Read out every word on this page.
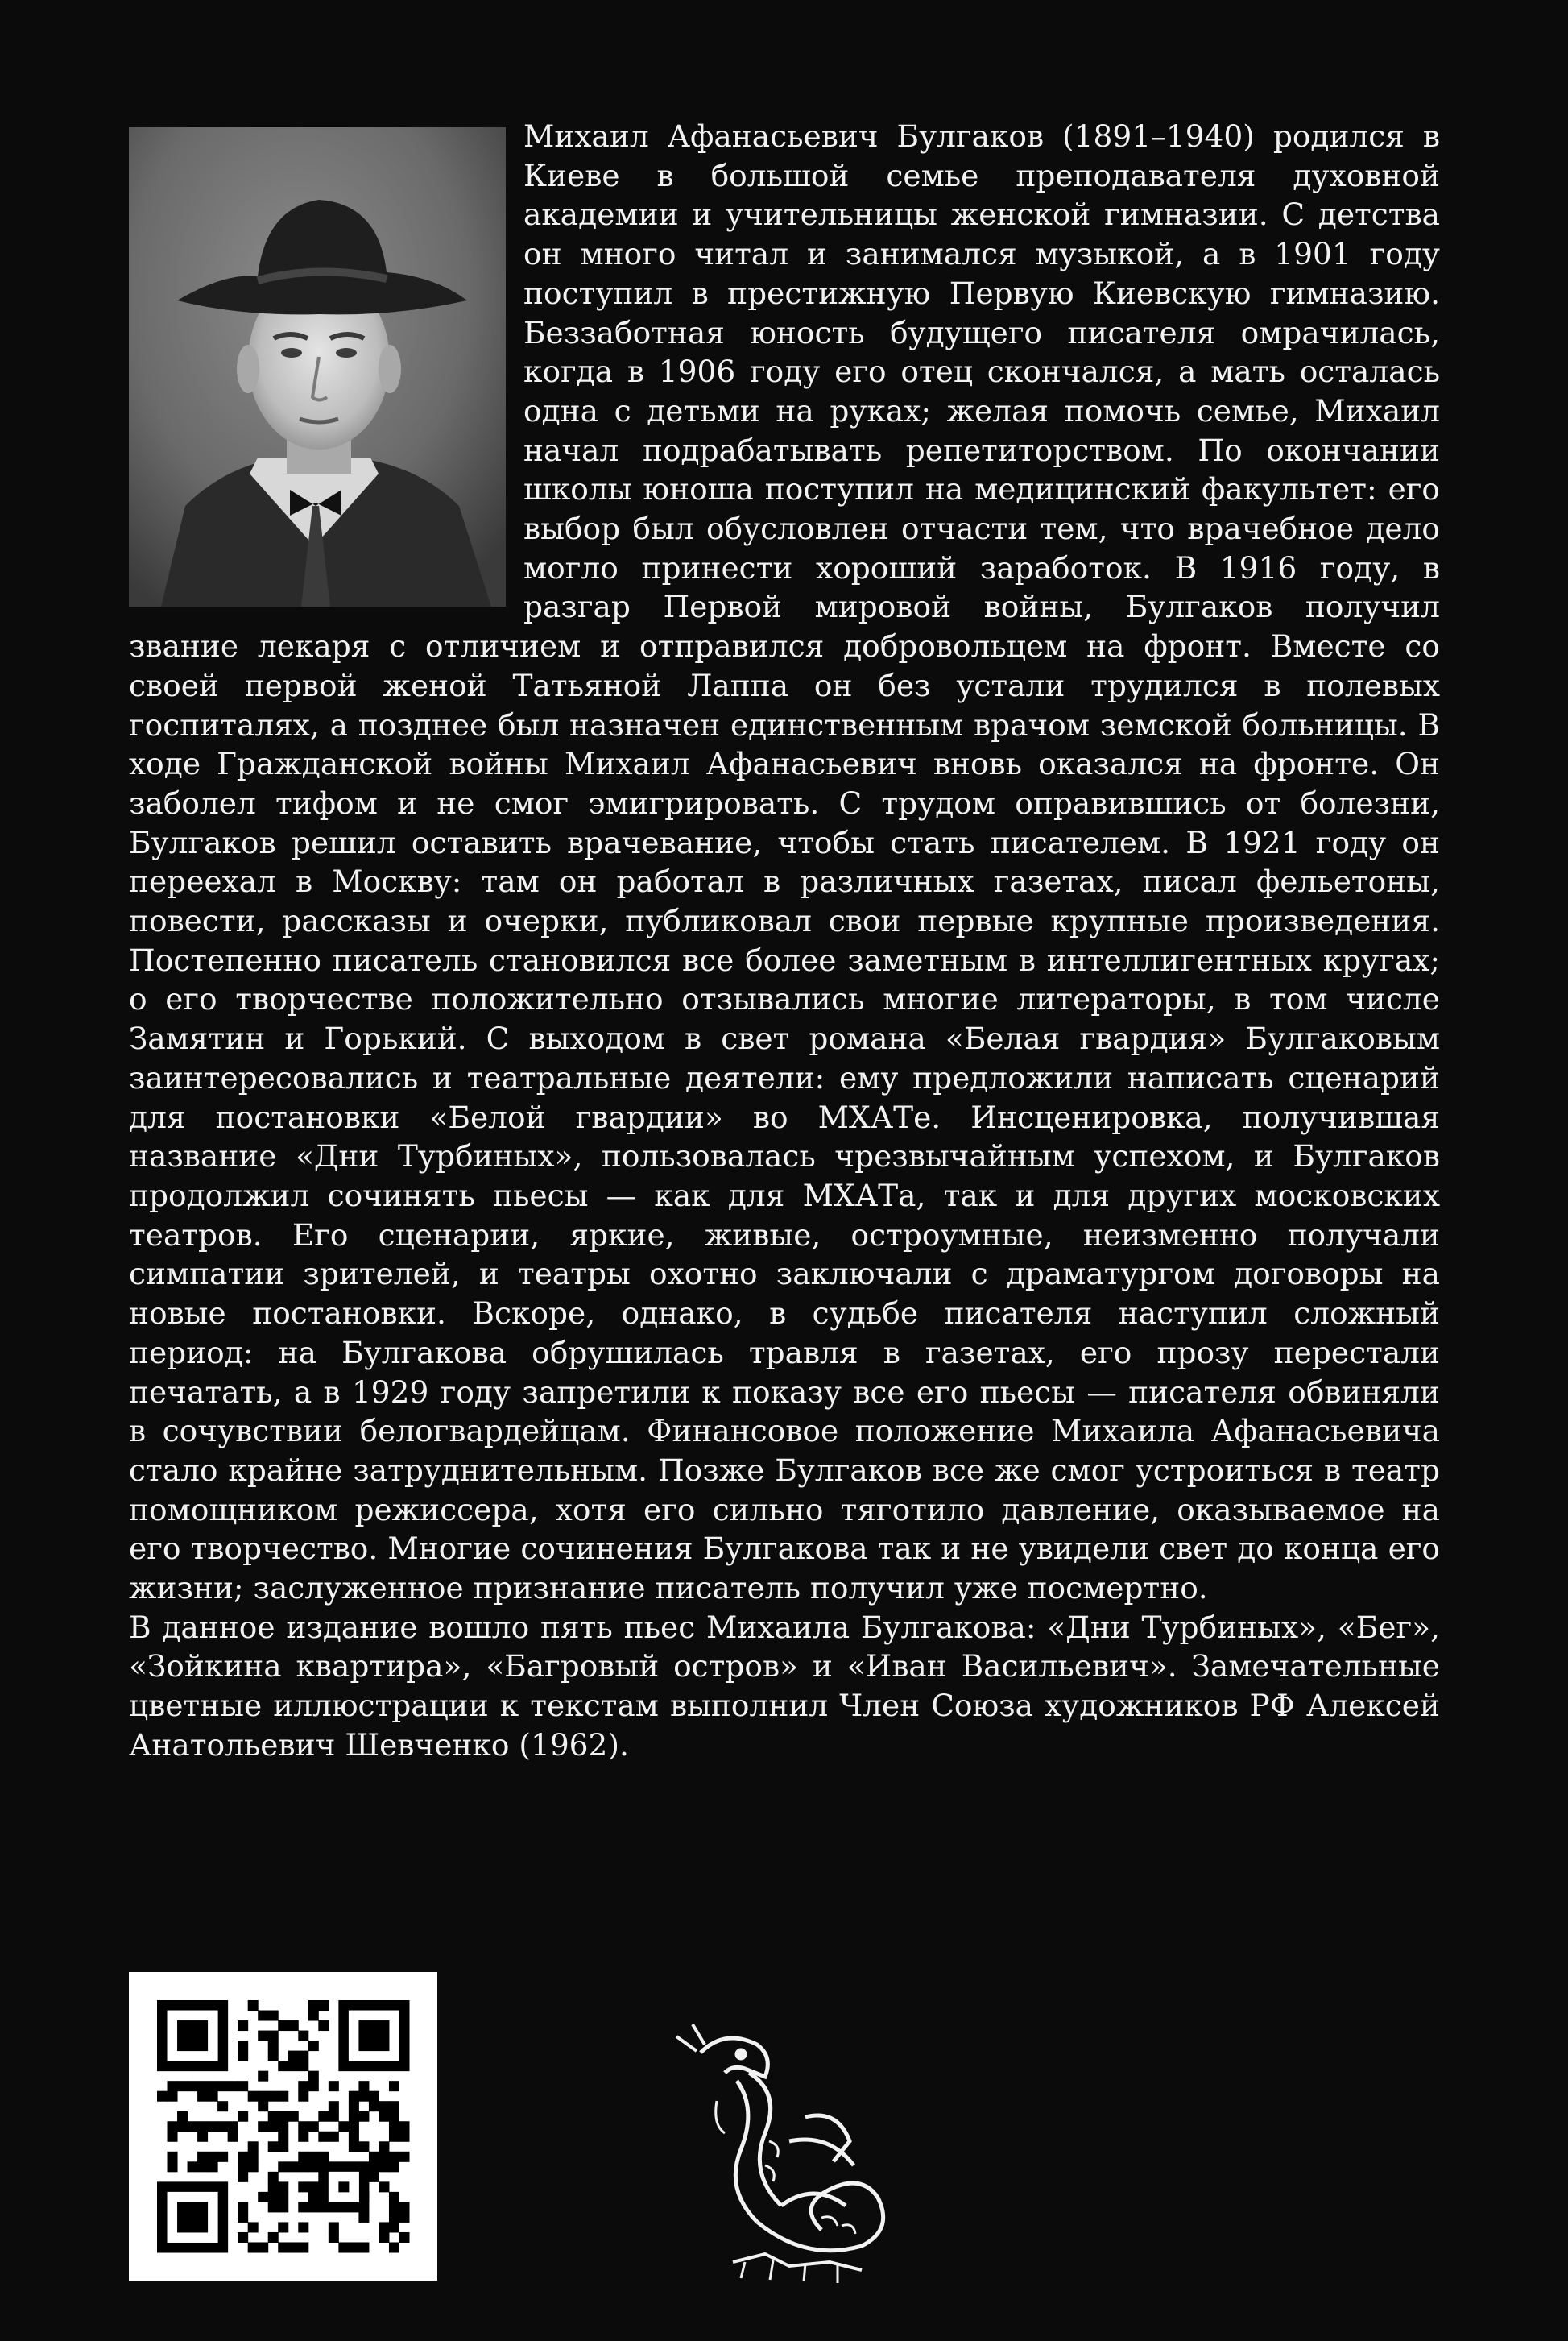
Михаил Афанасьевич Булгаков (1891–1940) родился в Киеве в большой семье преподавателя духовной академии и учительницы женской гимназии. С детства он много читал и занимался музыкой, а в 1901 году поступил в престижную Первую Киевскую гимназию. Беззаботная юность будущего писателя омрачилась, когда в 1906 году его отец скончался, а мать осталась одна с детьми на руках; желая помочь семье, Михаил начал подрабатывать репетиторством. По окончании школы юноша поступил на медицинский факультет: его выбор был обусловлен отчасти тем, что врачебное дело могло принести хороший заработок. В 1916 году, в разгар Первой мировой войны, Булгаков получил звание лекаря с отличием и отправился добровольцем на фронт. Вместе со своей первой женой Татьяной Лаппа он без устали трудился в полевых госпиталях, а позднее был назначен единственным врачом земской больницы. В ходе Гражданской войны Михаил Афанасьевич вновь оказался на фронте. Он заболел тифом и не смог эмигрировать. С трудом оправившись от болезни, Булгаков решил оставить врачевание, чтобы стать писателем. В 1921 году он переехал в Москву: там он работал в различных газетах, писал фельетоны, повести, рассказы и очерки, публиковал свои первые крупные произведения. Постепенно писатель становился все более заметным в интеллигентных кругах; о его творчестве положительно отзывались многие литераторы, в том числе Замятин и Горький. С выходом в свет романа «Белая гвардия» Булгаковым заинтересовались и театральные деятели: ему предложили написать сценарий для постановки «Белой гвардии» во МХАТе. Инсценировка, получившая название «Дни Турбиных», пользовалась чрезвычайным успехом, и Булгаков продолжил сочинять пьесы — как для МХАТа, так и для других московских театров. Его сценарии, яркие, живые, остроумные, неизменно получали симпатии зрителей, и театры охотно заключали с драматургом договоры на новые постановки. Вскоре, однако, в судьбе писателя наступил сложный период: на Булгакова обрушилась травля в газетах, его прозу перестали печатать, а в 1929 году запретили к показу все его пьесы — писателя обвиняли в сочувствии белогвардейцам. Финансовое положение Михаила Афанасьевича стало крайне затруднительным. Позже Булгаков все же смог устроиться в театр помощником режиссера, хотя его сильно тяготило давление, оказываемое на его творчество. Многие сочинения Булгакова так и не увидели свет до конца его жизни; заслуженное признание писатель получил уже посмертно.

В данное издание вошло пять пьес Михаила Булгакова: «Дни Турбиных», «Бег», «Зойкина квартира», «Багровый остров» и «Иван Васильевич». Замечательные цветные иллюстрации к текстам выполнил Член Союза художников РФ Алексей Анатольевич Шевченко (1962).
